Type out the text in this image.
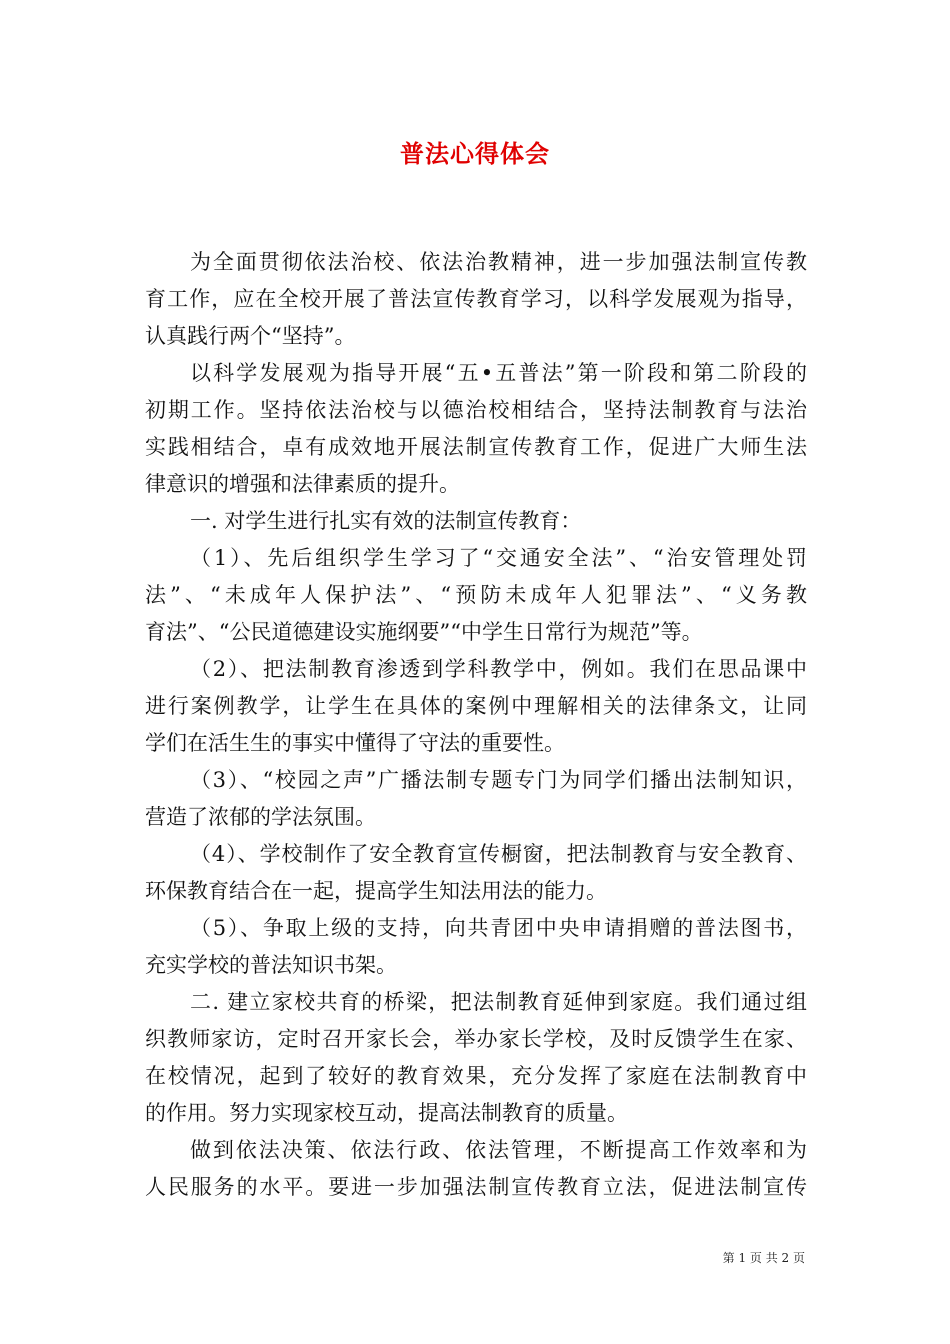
普法心得体会
为全面贯彻依法治校、依法治教精神，进一步加强法制宣传教
育工作，应在全校开展了普法宣传教育学习，以科学发展观为指导，
认真践行两个“坚持”。
以科学发展观为指导开展“五•五普法”第一阶段和第二阶段的
初期工作。坚持依法治校与以德治校相结合，坚持法制教育与法治
实践相结合，卓有成效地开展法制宣传教育工作，促进广大师生法
律意识的增强和法律素质的提升。
一. 对学生进行扎实有效的法制宣传教育：
（1）、先后组织学生学习了“交通安全法”、“治安管理处罚
法”、“未成年人保护法”、“预防未成年人犯罪法”、“义务教
育法”、“公民道德建设实施纲要”“中学生日常行为规范”等。
（2）、把法制教育渗透到学科教学中，例如。我们在思品课中
进行案例教学，让学生在具体的案例中理解相关的法律条文，让同
学们在活生生的事实中懂得了守法的重要性。
（3）、“校园之声”广播法制专题专门为同学们播出法制知识，
营造了浓郁的学法氛围。
（4）、学校制作了安全教育宣传橱窗，把法制教育与安全教育、
环保教育结合在一起，提高学生知法用法的能力。
（5）、争取上级的支持，向共青团中央申请捐赠的普法图书，
充实学校的普法知识书架。
二. 建立家校共育的桥梁，把法制教育延伸到家庭。我们通过组
织教师家访，定时召开家长会，举办家长学校，及时反馈学生在家、
在校情况，起到了较好的教育效果，充分发挥了家庭在法制教育中
的作用。努力实现家校互动，提高法制教育的质量。
做到依法决策、依法行政、依法管理，不断提高工作效率和为
人民服务的水平。要进一步加强法制宣传教育立法，促进法制宣传
第 1 页 共 2 页
